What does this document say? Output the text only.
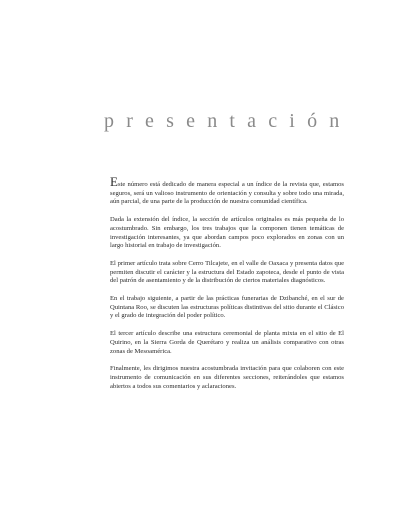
presentación

Este número está dedicado de manera especial a un índice de la revista que, estamos seguros, será un valioso instrumento de orientación y consulta y sobre todo una mirada, aún parcial, de una parte de la producción de nuestra comunidad científica.

Dada la extensión del índice, la sección de artículos originales es más pequeña de lo acostumbrado. Sin embargo, los tres trabajos que la componen tienen temáticas de investigación interesantes, ya que abordan campos poco explorados en zonas con un largo historial en trabajo de investigación.

El primer artículo trata sobre Cerro Tilcajete, en el valle de Oaxaca y presenta datos que permiten discutir el carácter y la estructura del Estado zapoteca, desde el punto de vista del patrón de asentamiento y de la distribución de ciertos materiales diagnósticos.

En el trabajo siguiente, a partir de las prácticas funerarias de Dzibanché, en el sur de Quintana Roo, se discuten las estructuras políticas distintivas del sitio durante el Clásico y el grado de integración del poder político.

El tercer artículo describe una estructura ceremonial de planta mixta en el sitio de El Quirino, en la Sierra Gorda de Querétaro y realiza un análisis comparativo con otras zonas de Mesoamérica.

Finalmente, les dirigimos nuestra acostumbrada invitación para que colaboren con este instrumento de comunicación en sus diferentes secciones, reiterándoles que estamos abiertos a todos sus comentarios y aclaraciones.
